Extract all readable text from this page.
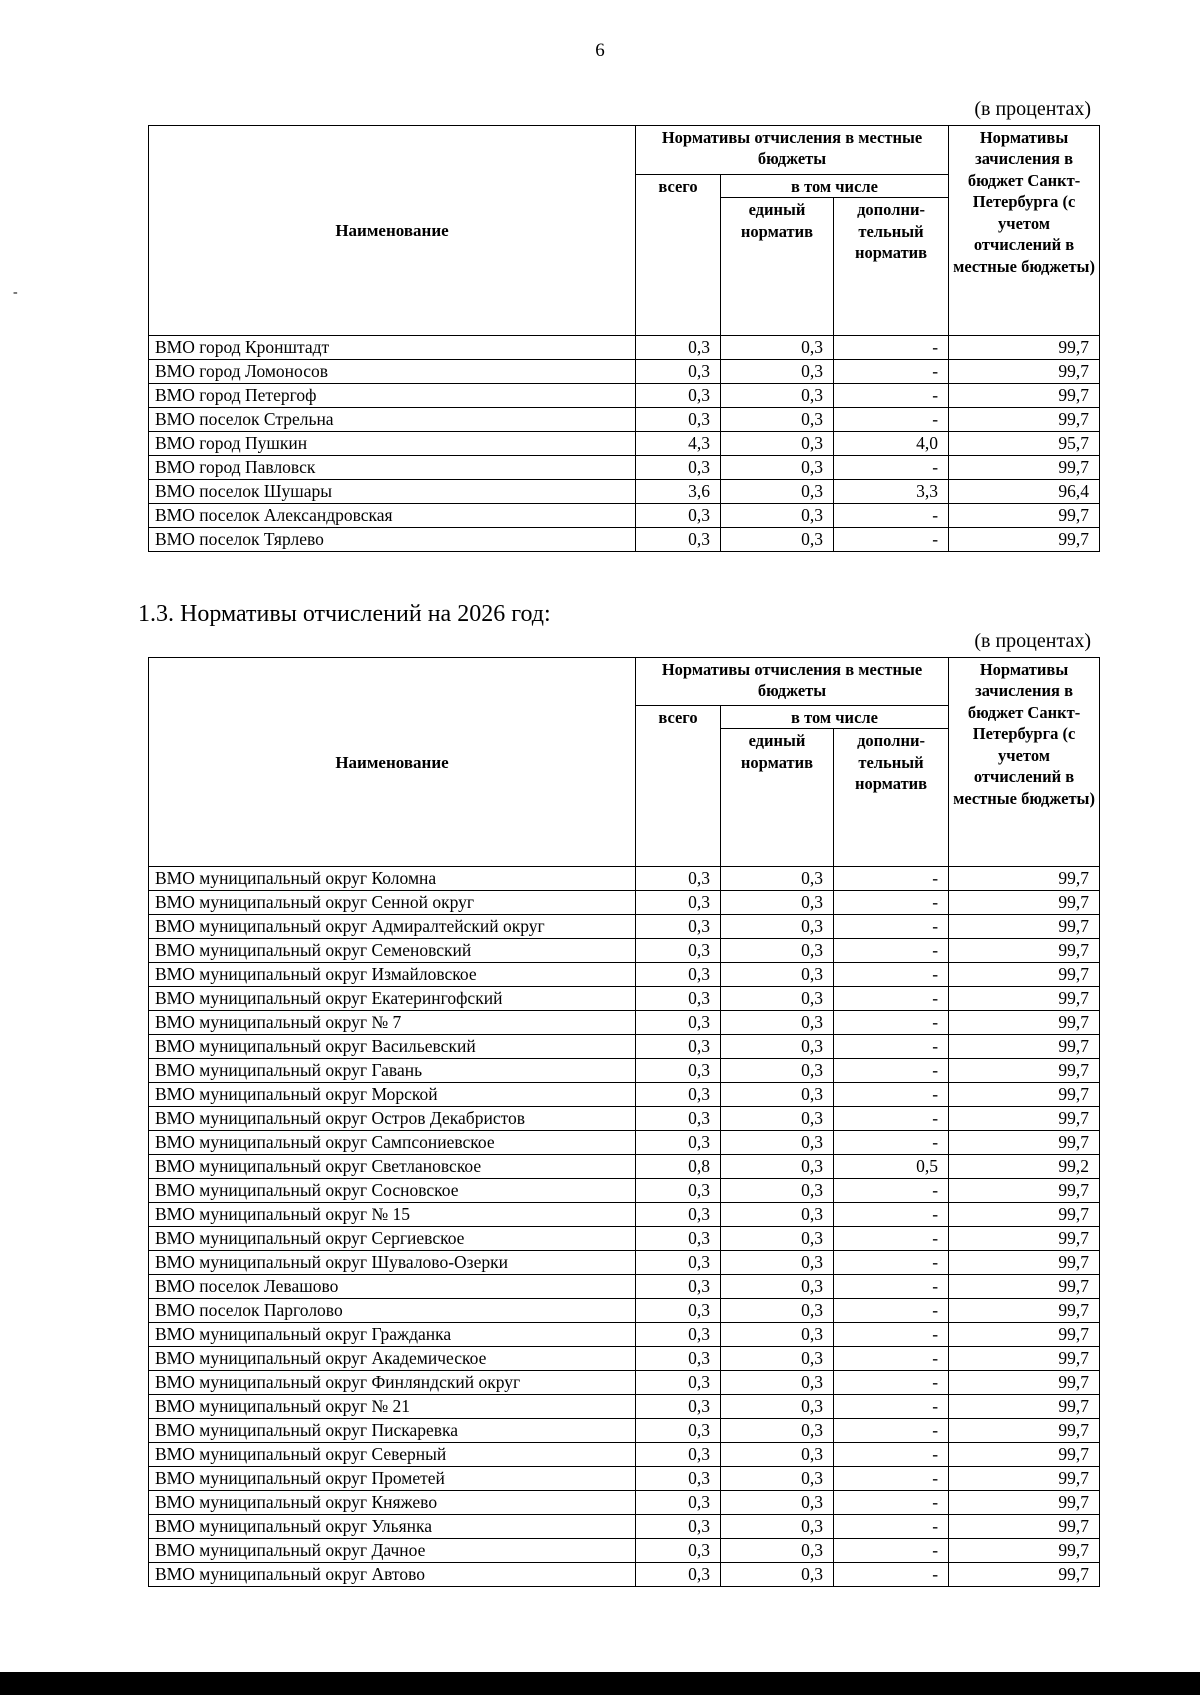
6
-
(в процентах)
Наименование	Нормативы отчисления в местные бюджеты			Нормативы зачисления в бюджет Санкт-Петербурга (с учетом отчислений в местные бюджеты)
	всего	в том числе		
		единый норматив	дополни-тельный норматив	
ВМО город Кронштадт	0,3	0,3	-	99,7
ВМО город Ломоносов	0,3	0,3	-	99,7
ВМО город Петергоф	0,3	0,3	-	99,7
ВМО поселок Стрельна	0,3	0,3	-	99,7
ВМО город Пушкин	4,3	0,3	4,0	95,7
ВМО город Павловск	0,3	0,3	-	99,7
ВМО поселок Шушары	3,6	0,3	3,3	96,4
ВМО поселок Александровская	0,3	0,3	-	99,7
ВМО поселок Тярлево	0,3	0,3	-	99,7
1.3. Нормативы отчислений на 2026 год:
(в процентах)
Наименование	Нормативы отчисления в местные бюджеты			Нормативы зачисления в бюджет Санкт-Петербурга (с учетом отчислений в местные бюджеты)
	всего	в том числе		
		единый норматив	дополни-тельный норматив	
ВМО муниципальный округ Коломна	0,3	0,3	-	99,7
ВМО муниципальный округ Сенной округ	0,3	0,3	-	99,7
ВМО муниципальный округ Адмиралтейский округ	0,3	0,3	-	99,7
ВМО муниципальный округ Семеновский	0,3	0,3	-	99,7
ВМО муниципальный округ Измайловское	0,3	0,3	-	99,7
ВМО муниципальный округ Екатерингофский	0,3	0,3	-	99,7
ВМО муниципальный округ № 7	0,3	0,3	-	99,7
ВМО муниципальный округ Васильевский	0,3	0,3	-	99,7
ВМО муниципальный округ Гавань	0,3	0,3	-	99,7
ВМО муниципальный округ Морской	0,3	0,3	-	99,7
ВМО муниципальный округ Остров Декабристов	0,3	0,3	-	99,7
ВМО муниципальный округ Сампсониевское	0,3	0,3	-	99,7
ВМО муниципальный округ Светлановское	0,8	0,3	0,5	99,2
ВМО муниципальный округ Сосновское	0,3	0,3	-	99,7
ВМО муниципальный округ № 15	0,3	0,3	-	99,7
ВМО муниципальный округ Сергиевское	0,3	0,3	-	99,7
ВМО муниципальный округ Шувалово-Озерки	0,3	0,3	-	99,7
ВМО поселок Левашово	0,3	0,3	-	99,7
ВМО поселок Парголово	0,3	0,3	-	99,7
ВМО муниципальный округ Гражданка	0,3	0,3	-	99,7
ВМО муниципальный округ Академическое	0,3	0,3	-	99,7
ВМО муниципальный округ Финляндский округ	0,3	0,3	-	99,7
ВМО муниципальный округ № 21	0,3	0,3	-	99,7
ВМО муниципальный округ Пискаревка	0,3	0,3	-	99,7
ВМО муниципальный округ Северный	0,3	0,3	-	99,7
ВМО муниципальный округ Прометей	0,3	0,3	-	99,7
ВМО муниципальный округ Княжево	0,3	0,3	-	99,7
ВМО муниципальный округ Ульянка	0,3	0,3	-	99,7
ВМО муниципальный округ Дачное	0,3	0,3	-	99,7
ВМО муниципальный округ Автово	0,3	0,3	-	99,7
